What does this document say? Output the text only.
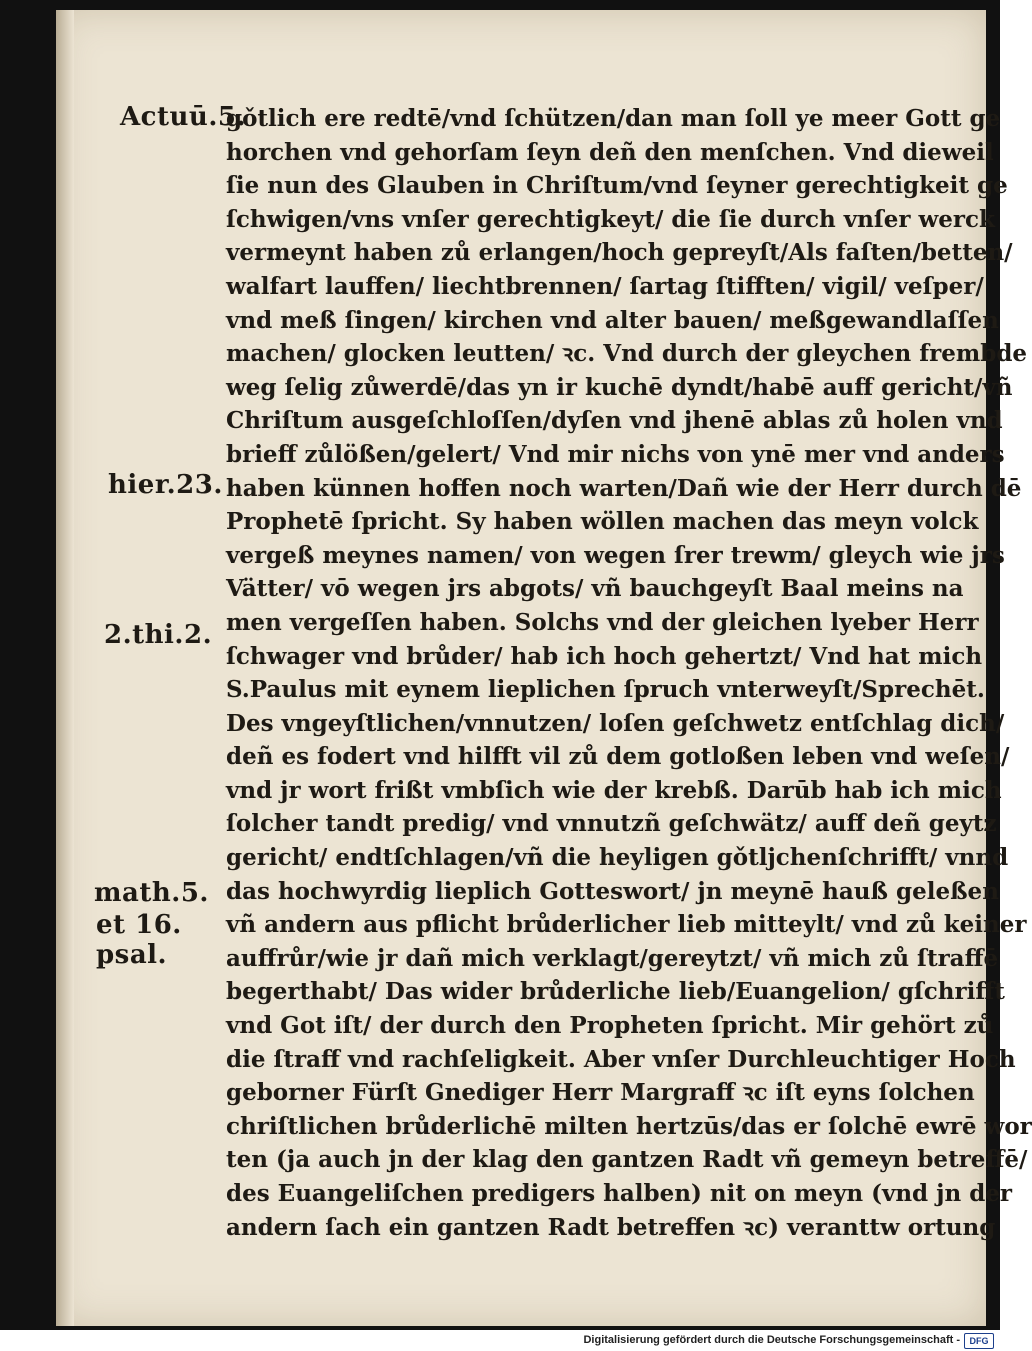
Actuū.5.
hier.23.
2.thi.2.
math.5.
et 16.
psal.
gǒtlich ere redtē/vnd ſchützen/dan man ſoll ye meer Gott ge
horchen vnd gehorſam ſeyn deñ den menſchen. Vnd dieweil
ſie nun des Glauben in Chriſtum/vnd ſeyner gerechtigkeit ge
ſchwigen/vns vnſer gerechtigkeyt/ die ſie durch vnſer werck
vermeynt haben zů erlangen/hoch gepreyſt/Als faſten/betten/
walfart lauffen/ liechtbrennen/ ſartag ſtifften/ vigil/ veſper/
vnd meß ſingen/ kirchen vnd alter bauen/ meßgewandlaſſen
machen/ glocken leutten/ ꝛc. Vnd durch der gleychen frembde
weg ſelig zůwerdē/das yn ir kuchē dyndt/habē auff gericht/vñ
Chriſtum ausgeſchloſſen/dyſen vnd jhenē ablas zů holen vnd
brieff zůlößen/gelert/ Vnd mir nichs von ynē mer vnd anders
haben künnen hoffen noch warten/Dañ wie der Herr durch dē
Prophetē ſpricht. Sy haben wöllen machen das meyn volck
vergeß meynes namen/ von wegen ſrer trewm/ gleych wie jrs
Vätter/ vō wegen jrs abgots/ vñ bauchgeyſt Baal meins na
men vergeſſen haben. Solchs vnd der gleichen lyeber Herr
ſchwager vnd brůder/ hab ich hoch gehertzt/ Vnd hat mich
S.Paulus mit eynem lieplichen ſpruch vnterweyſt/Sprechēt.
Des vngeyſtlichen/vnnutzen/ loſen geſchwetz entſchlag dich/
deñ es fodert vnd hilfft vil zů dem gotloßen leben vnd weſen/
vnd jr wort frißt vmbſich wie der krebß. Darūb hab ich mich
ſolcher tandt predig/ vnd vnnutzñ geſchwätz/ auff deñ geytz
gericht/ endtſchlagen/vñ die heyligen gǒtljchenſchrifft/ vnnd
das hochwyrdig lieplich Gotteswort/ jn meynē hauß geleßen
vñ andern aus pflicht brůderlicher lieb mitteylt/ vnd zů keiner
auffrůr/wie jr dañ mich verklagt/gereytzt/ vñ mich zů ſtraffē
begerthabt/ Das wider brůderliche lieb/Euangelion/ gſchrifft
vnd Got iſt/ der durch den Propheten ſpricht. Mir gehört zů
die ſtraff vnd rachſeligkeit. Aber vnſer Durchleuchtiger Hoch
geborner Fürſt Gnediger Herr Margraff ꝛc iſt eyns ſolchen
chriſtlichen brůderlichē milten hertzūs/das er ſolchē ewrē wor
ten (ja auch jn der klag den gantzen Radt vñ gemeyn betreffē/
des Euangeliſchen predigers halben) nit on meyn (vnd jn der
andern ſach ein gantzen Radt betreffen ꝛc) veranttw ortung
Digitalisierung gefördert durch die Deutsche Forschungsgemeinschaft -	DFG
